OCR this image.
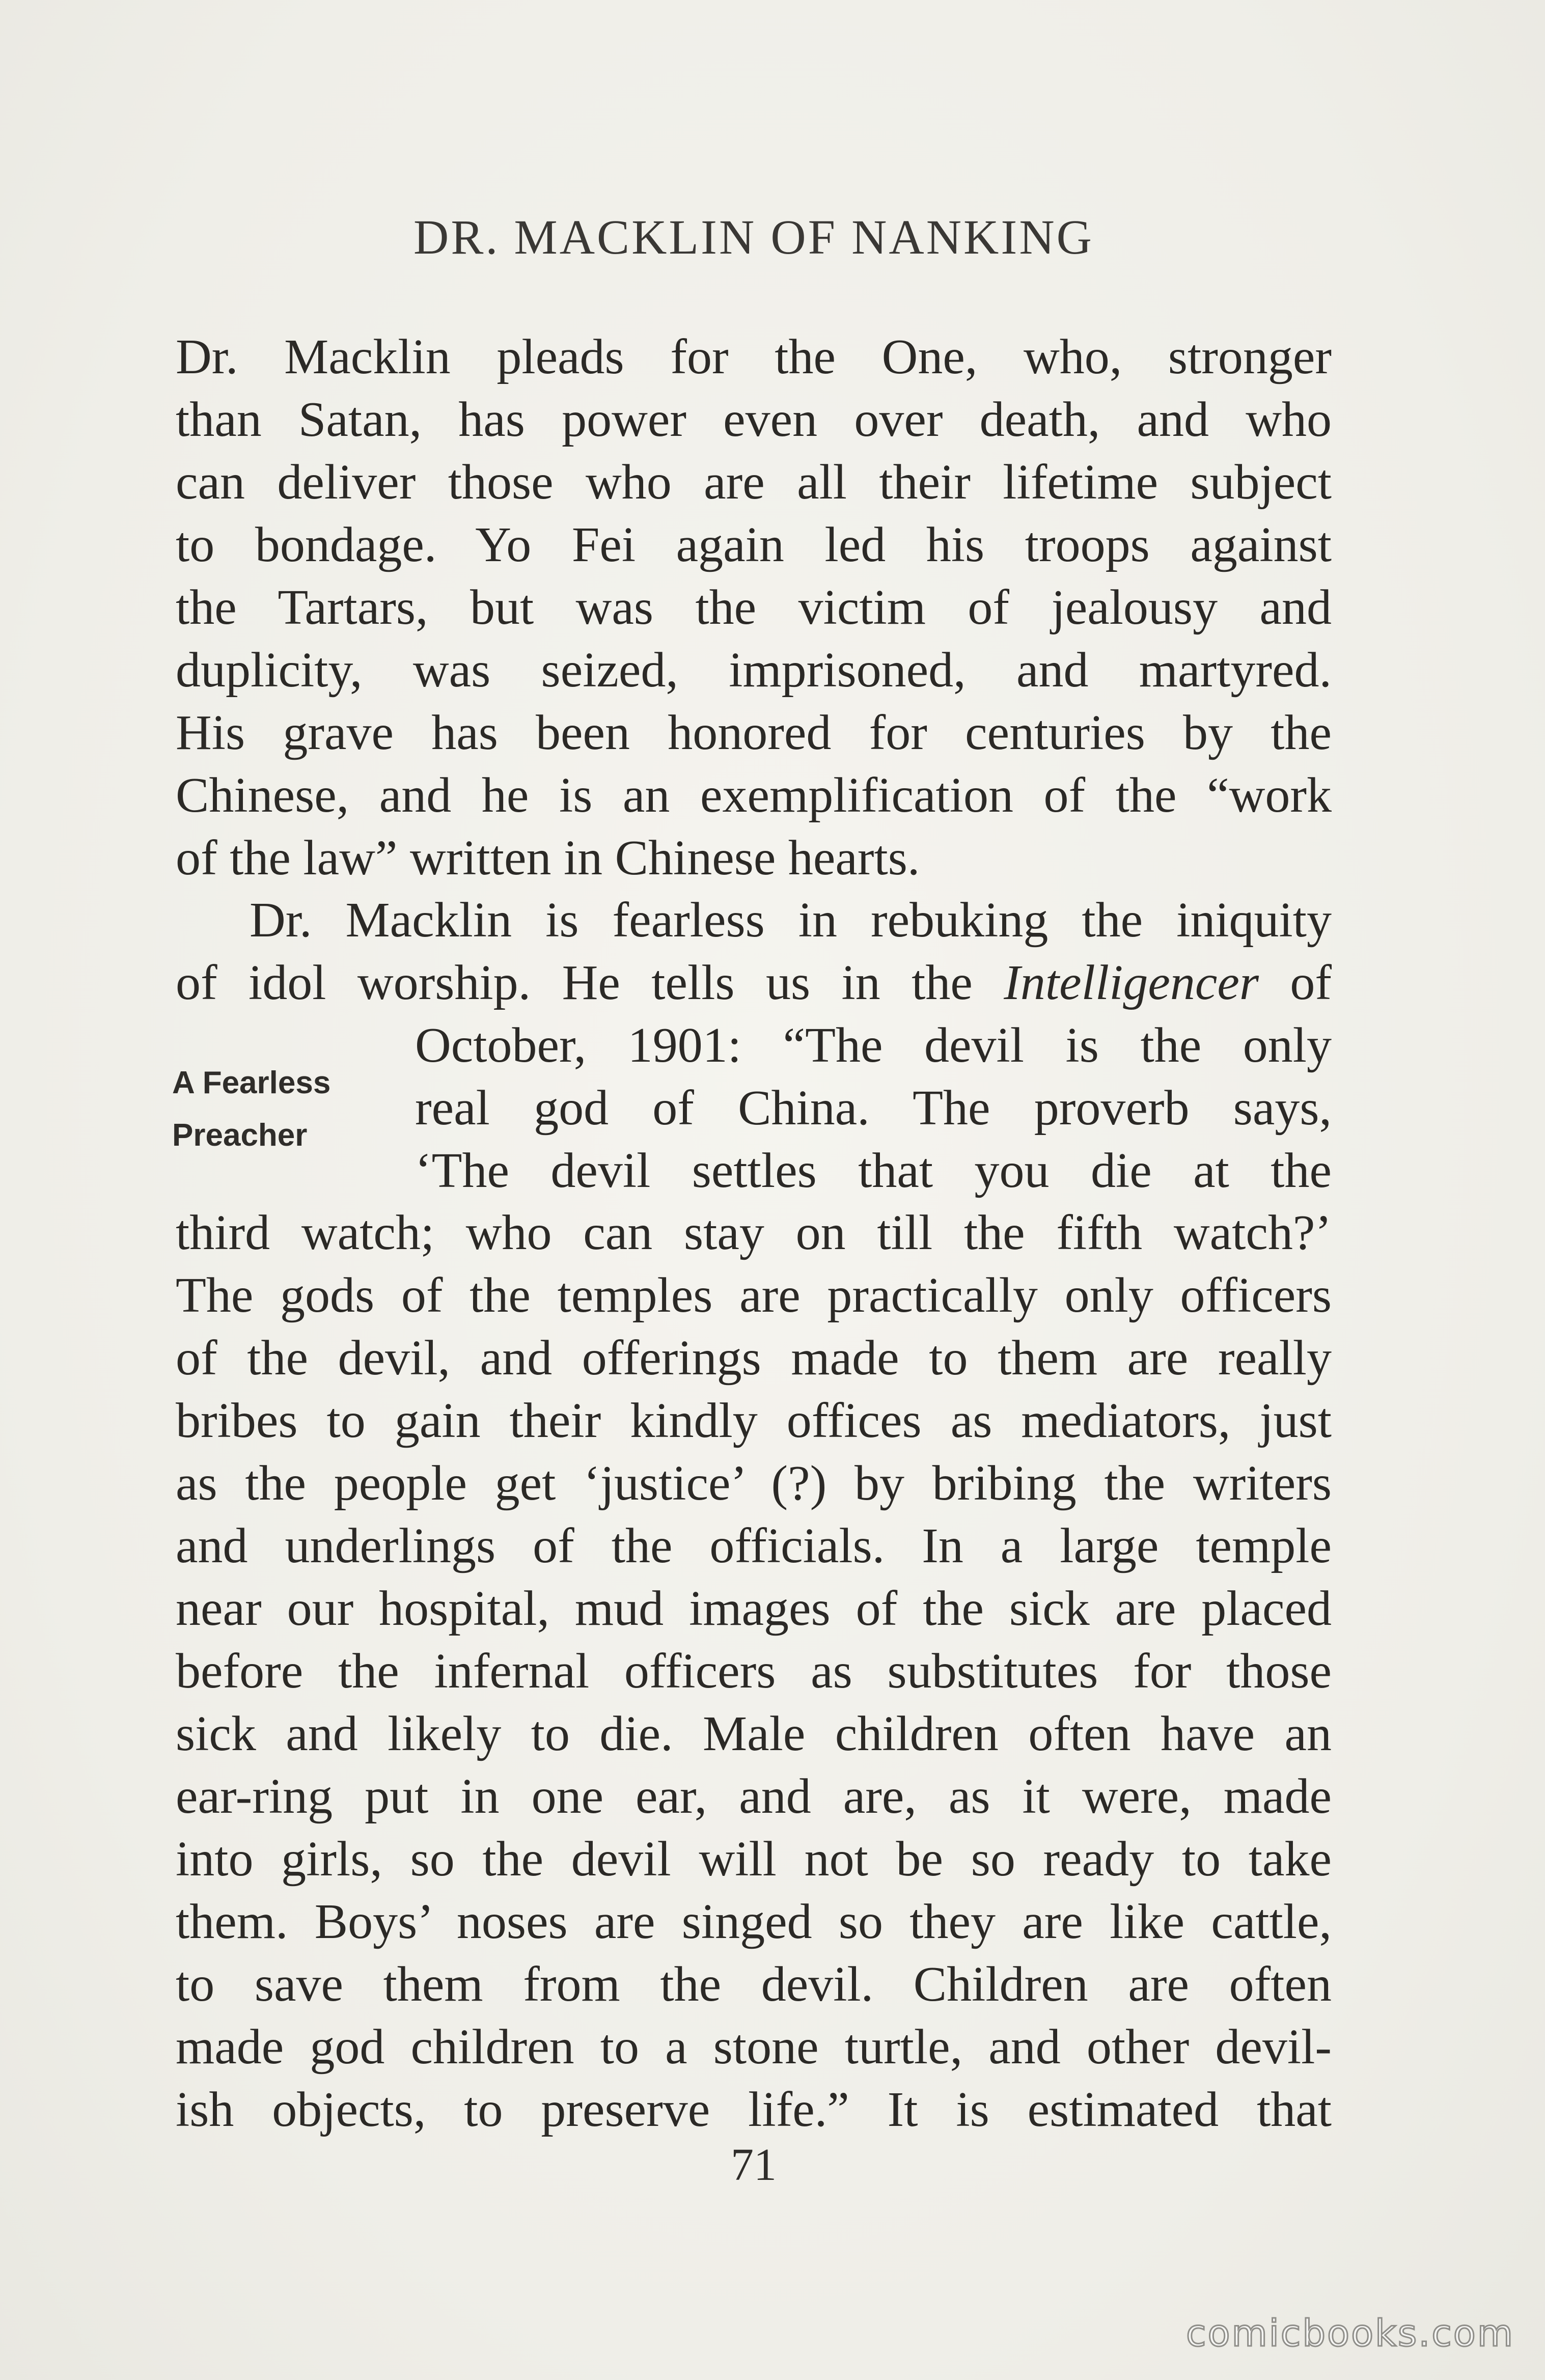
DR. MACKLIN OF NANKING
Dr. Macklin pleads for the One, who, stronger
than Satan, has power even over death, and who
can deliver those who are all their lifetime subject
to bondage. Yo Fei again led his troops against
the Tartars, but was the victim of jealousy and
duplicity, was seized, imprisoned, and martyred.
His grave has been honored for centuries by the
Chinese, and he is an exemplification of the “work
of the law” written in Chinese hearts.
Dr. Macklin is fearless in rebuking the iniquity
of idol worship. He tells us in the Intelligencer of
A Fearless
Preacher
October, 1901: “The devil is the only
real god of China. The proverb says,
‘The devil settles that you die at the
third watch; who can stay on till the fifth watch?’
The gods of the temples are practically only officers
of the devil, and offerings made to them are really
bribes to gain their kindly offices as mediators, just
as the people get ‘justice’ (?) by bribing the writers
and underlings of the officials. In a large temple
near our hospital, mud images of the sick are placed
before the infernal officers as substitutes for those
sick and likely to die. Male children often have an
ear-ring put in one ear, and are, as it were, made
into girls, so the devil will not be so ready to take
them. Boys’ noses are singed so they are like cattle,
to save them from the devil. Children are often
made god children to a stone turtle, and other devil-
ish objects, to preserve life.” It is estimated that
71
comicbooks.com
